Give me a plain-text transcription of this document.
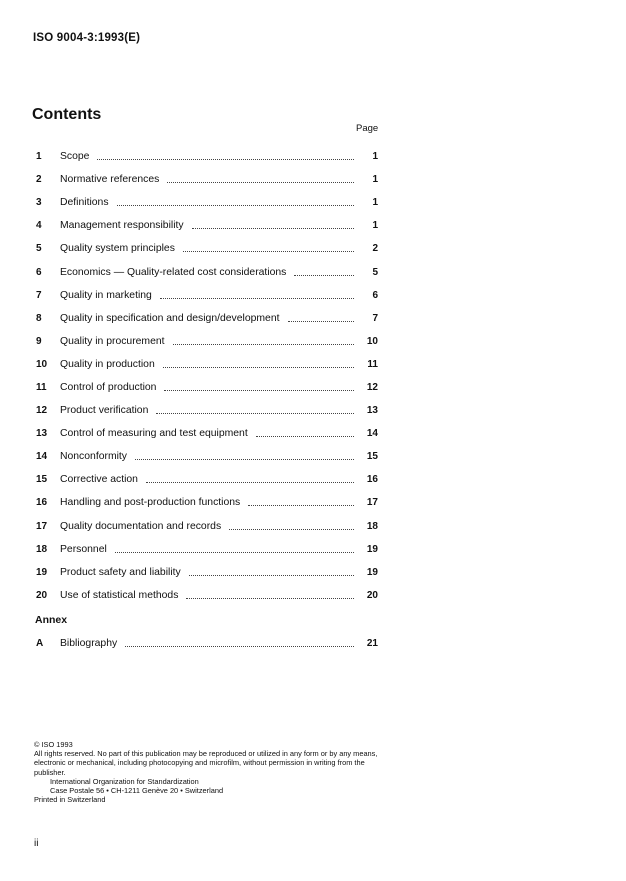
ISO 9004-3:1993(E)
Contents
Page
1	Scope	1
2	Normative references	1
3	Definitions	1
4	Management responsibility	1
5	Quality system principles	2
6	Economics — Quality-related cost considerations	5
7	Quality in marketing	6
8	Quality in specification and design/development	7
9	Quality in procurement	10
10	Quality in production	11
11	Control of production	12
12	Product verification	13
13	Control of measuring and test equipment	14
14	Nonconformity	15
15	Corrective action	16
16	Handling and post-production functions	17
17	Quality documentation and records	18
18	Personnel	19
19	Product safety and liability	19
20	Use of statistical methods	20
Annex
A	Bibliography	21
© ISO 1993
All rights reserved. No part of this publication may be reproduced or utilized in any form or by any means, electronic or mechanical, including photocopying and microfilm, without permission in writing from the publisher.
International Organization for Standardization
Case Postale 56 • CH-1211 Genève 20 • Switzerland
Printed in Switzerland
ii
